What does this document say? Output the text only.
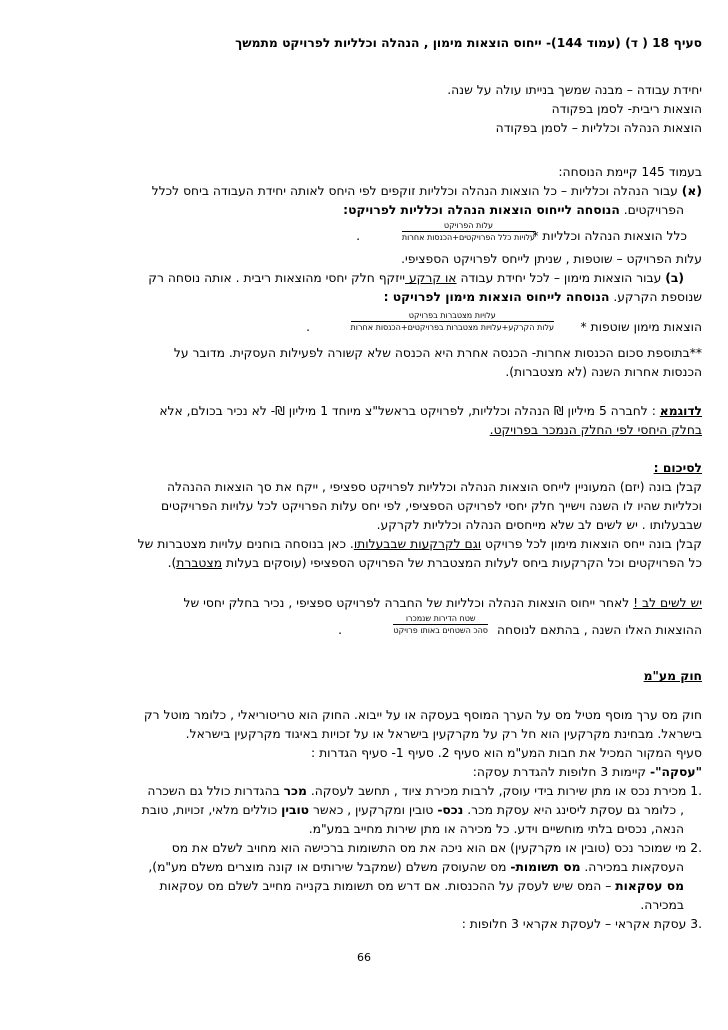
סעיף 18 ( ד) (עמוד 144)- ייחוס הוצאות מימון , הנהלה וכלליות לפרויקט מתמשך
יחידת עבודה – מבנה שמשך בנייתו עולה על שנה.
הוצאות ריבית- לסמן בפקודה
הוצאות הנהלה וכלליות – לסמן בפקודה
בעמוד 145 קיימת הנוסחה:
(א) עבור הנהלה וכלליות – כל הוצאות הנהלה וכלליות זוקפים לפי היחס לאותה יחידת העבודה ביחס לכלל
הפרויקטים. הנוסחה לייחוס הוצאות הנהלה וכלליות לפרויקט:
כלל הוצאות הנהלה וכלליות *
עלות הפרויקט
עלויות כלל הפרויקטים+הכנסות אחרות
.
עלות הפרויקט – שוטפות , שניתן לייחס לפרויקט הספציפי.
(ב) עבור הוצאות מימון – לכל יחידת עבודה או קרקע ייזקף חלק יחסי מהוצאות ריבית . אותה נוסחה רק
שנוספת הקרקע. הנוסחה לייחוס הוצאות מימון לפרויקט :
הוצאות מימון שוטפות *
עלויות מצטברות בפרויקט
עלות הקרקע+עלויות מצטברות בפרויקטים+הכנסות אחרות
.
**בתוספת סכום הכנסות אחרות- הכנסה אחרת היא הכנסה שלא קשורה לפעילות העסקית. מדובר על
הכנסות אחרות השנה (לא מצטברות).
לדוגמא : לחברה 5 מיליון ₪ הנהלה וכלליות, לפרויקט בראשל"צ מיוחד 1 מיליון ₪- לא נכיר בכולם, אלא
בחלק היחסי לפי החלק הנמכר בפרויקט.
לסיכום :
קבלן בונה (יזם) המעוניין לייחס הוצאות הנהלה וכלליות לפרויקט ספציפי , ייקח את סך הוצאות ההנהלה
וכלליות שהיו לו השנה וישייך חלק יחסי לפרויקט הספציפי, לפי יחס עלות הפרויקט לכל עלויות הפרויקטים
שבבעלותו . יש לשים לב שלא מייחסים הנהלה וכלליות לקרקע.
קבלן בונה ייחס הוצאות מימון לכל פרויקט וגם לקרקעות שבבעלותו. כאן בנוסחה בוחנים עלויות מצטברות של
כל הפרויקטים וכל הקרקעות ביחס לעלות המצטברת של הפרויקט הספציפי (עוסקים בעלות מצטברת).
יש לשים לב ! לאחר ייחוס הוצאות הנהלה וכלליות של החברה לפרויקט ספציפי , נכיר בחלק יחסי של
ההוצאות האלו השנה , בהתאם לנוסחה
שטח הדירות שנמכרו
סהכ השטחים באותו פרויקט
.
חוק מע"מ
חוק מס ערך מוסף מטיל מס על הערך המוסף בעסקה או על ייבוא. החוק הוא טריטוריאלי , כלומר מוטל רק
בישראל. מבחינת מקרקעין הוא חל רק על מקרקעין בישראל או על זכויות באיגוד מקרקעין בישראל.
סעיף המקור המכיל את חבות המע"מ הוא סעיף 2. סעיף 1- סעיף הגדרות :
"עסקה"- קיימות 3 חלופות להגדרת עסקה:
.1 מכירת נכס או מתן שירות בידי עוסק, לרבות מכירת ציוד , תחשב לעסקה. מכר בהגדרות כולל גם השכרה
, כלומר גם עסקת ליסינג היא עסקת מכר. נכס- טובין ומקרקעין , כאשר טובין כוללים מלאי, זכויות, טובת
הנאה, נכסים בלתי מוחשיים וידע. כל מכירה או מתן שירות מחייב במע"מ.
.2 מי שמוכר נכס (טובין או מקרקעין) אם הוא ניכה את מס התשומות ברכישה הוא מחויב לשלם את מס
העסקאות במכירה. מס תשומות- מס שהעוסק משלם (שמקבל שירותים או קונה מוצרים משלם מע"מ),
מס עסקאות – המס שיש לעסק על ההכנסות. אם דרש מס תשומות בקנייה מחייב לשלם מס עסקאות
במכירה.
.3 עסקת אקראי – לעסקת אקראי 3 חלופות :
66
